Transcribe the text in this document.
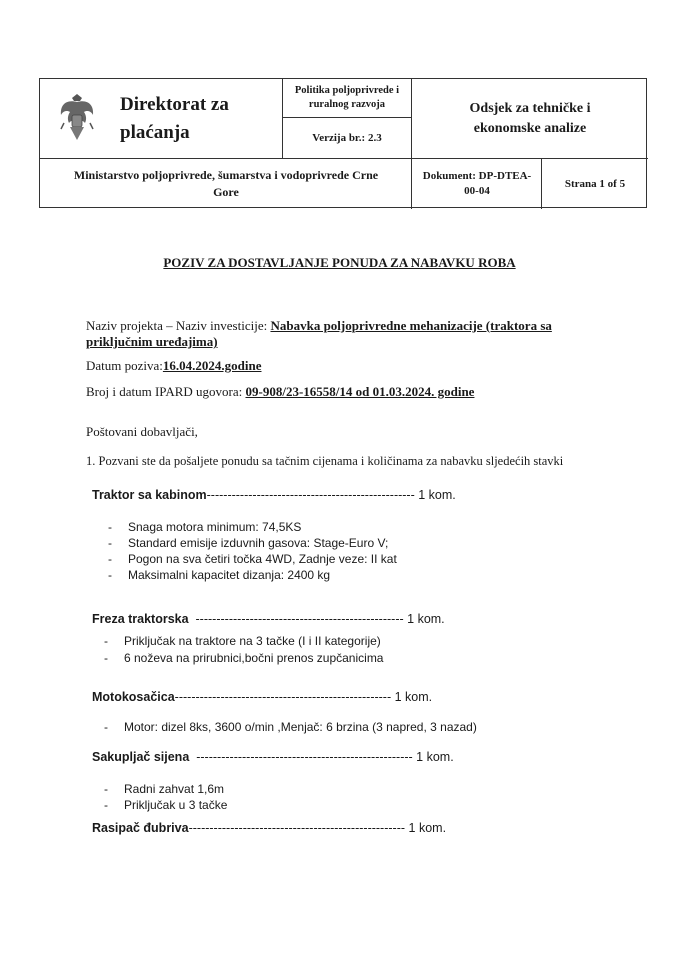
Direktorat za
plaćanja
Politika poljoprivrede i
ruralnog razvoja
Verzija br.: 2.3
Odsjek za tehničke i
ekonomske analize
Ministarstvo poljoprivrede, šumarstva i vodoprivrede Crne
Gore
Dokument: DP-DTEA-
00-04
Strana 1 of 5
POZIV ZA DOSTAVLJANJE PONUDA ZA NABAVKU ROBA
Naziv projekta – Naziv investicije: Nabavka poljoprivredne mehanizacije (traktora sa
priključnim uređajima)
Datum poziva:16.04.2024.godine
Broj i datum IPARD ugovora: 09-908/23-16558/14 od 01.03.2024. godine
Poštovani dobavljači,
1. Pozvani ste da pošaljete ponudu sa tačnim cijenama i količinama za nabavku sljedećih stavki
Traktor sa kabinom-------------------------------------------------- 1 kom.
- Snaga motora minimum: 74,5KS
- Standard emisije izduvnih gasova: Stage-Euro V;
- Pogon na sva četiri točka 4WD, Zadnje veze: II kat
- Maksimalni kapacitet dizanja: 2400 kg
Freza traktorska  -------------------------------------------------- 1 kom.
- Priključak na traktore na 3 tačke (I i II kategorije)
- 6 noževa na prirubnici,bočni prenos zupčanicima
Motokosačica---------------------------------------------------- 1 kom.
- Motor: dizel 8ks, 3600 o/min ,Menjač: 6 brzina (3 napred, 3 nazad)
Sakupljač sijena  ---------------------------------------------------- 1 kom.
- Radni zahvat 1,6m
- Priključak u 3 tačke
Rasipač đubriva---------------------------------------------------- 1 kom.
